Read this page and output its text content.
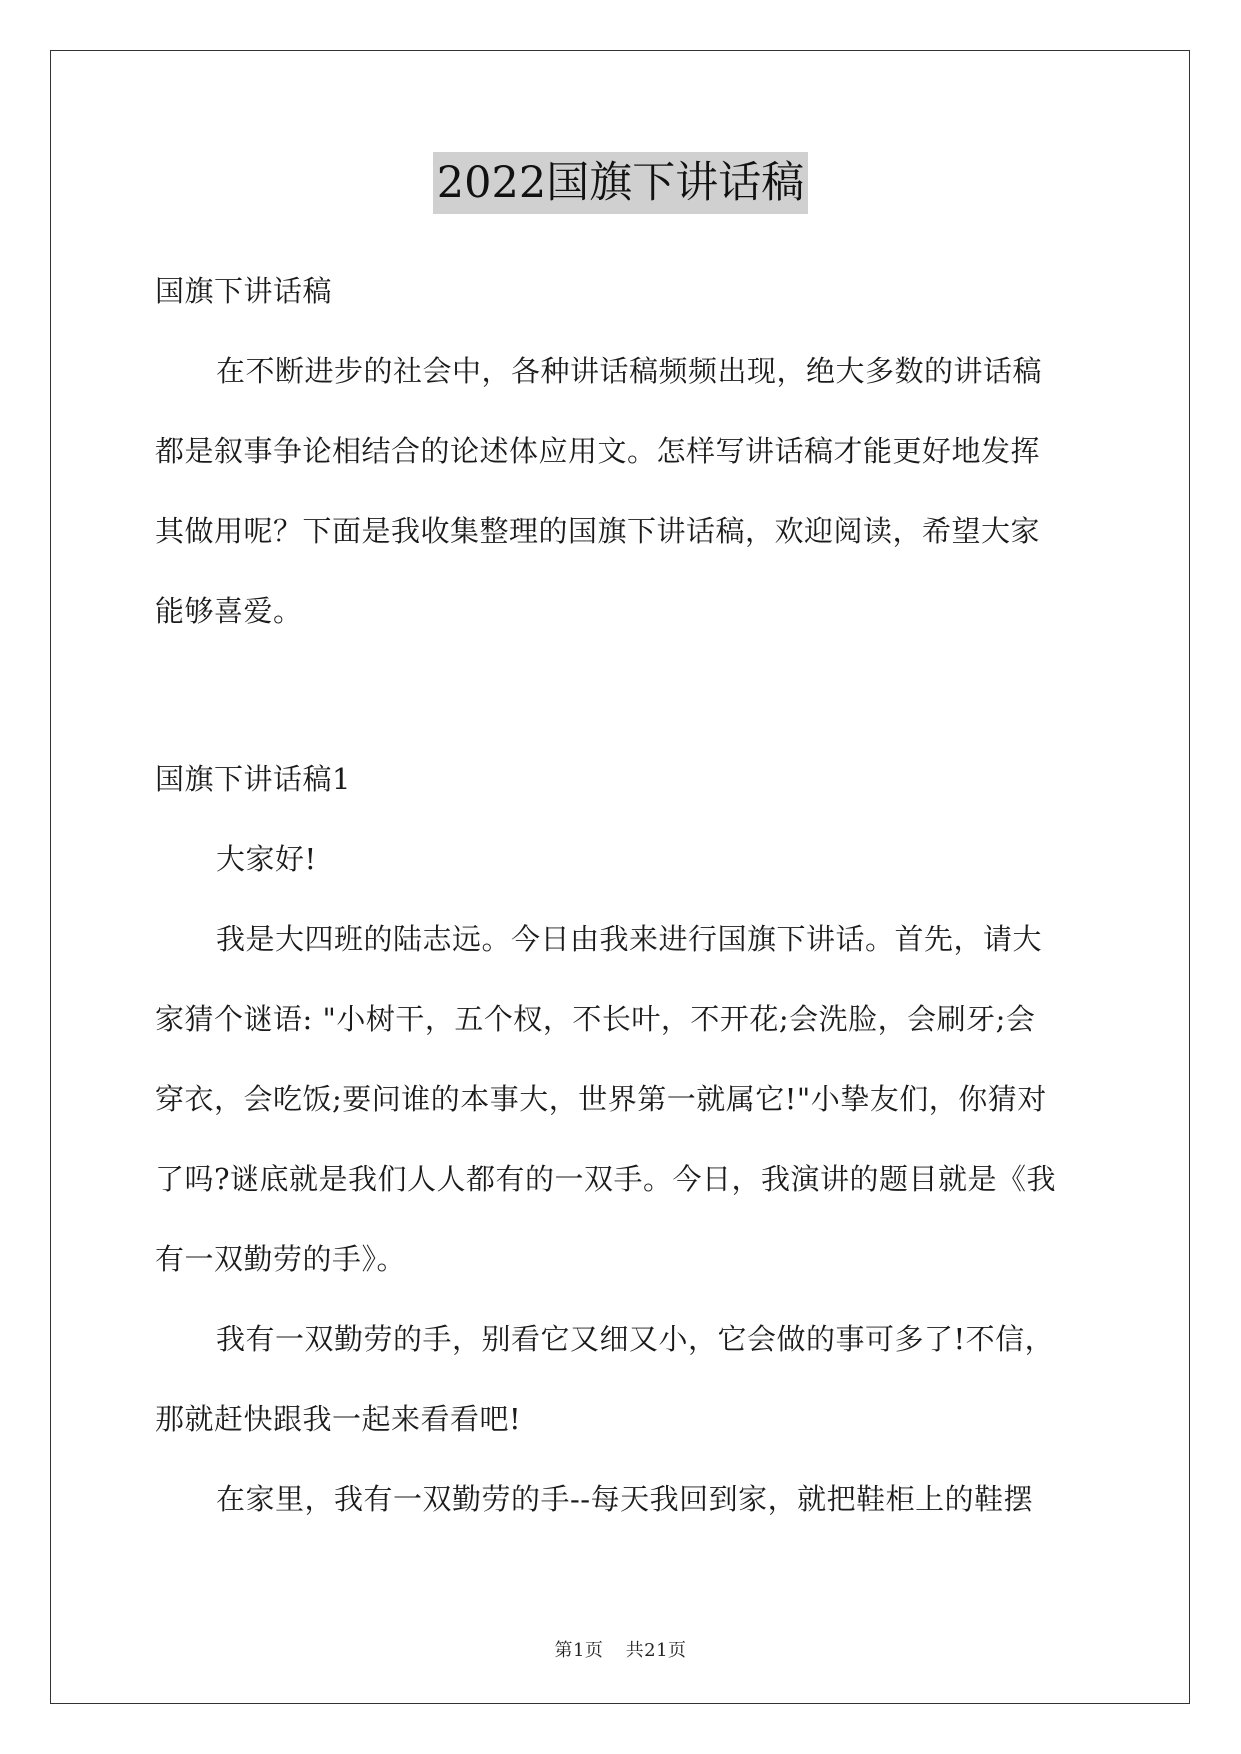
2022国旗下讲话稿

国旗下讲话稿

在不断进步的社会中，各种讲话稿频频出现，绝大多数的讲话稿

都是叙事争论相结合的论述体应用文。怎样写讲话稿才能更好地发挥

其做用呢？下面是我收集整理的国旗下讲话稿，欢迎阅读，希望大家

能够喜爱。

国旗下讲话稿1

大家好!

我是大四班的陆志远。今日由我来进行国旗下讲话。首先，请大

家猜个谜语: "小树干，五个杈，不长叶，不开花;会洗脸，会刷牙;会

穿衣，会吃饭;要问谁的本事大，世界第一就属它!"小挚友们，你猜对

了吗?谜底就是我们人人都有的一双手。今日，我演讲的题目就是《我

有一双勤劳的手》。

我有一双勤劳的手，别看它又细又小，它会做的事可多了!不信，

那就赶快跟我一起来看看吧!

在家里，我有一双勤劳的手--每天我回到家，就把鞋柜上的鞋摆

第1页 共21页
